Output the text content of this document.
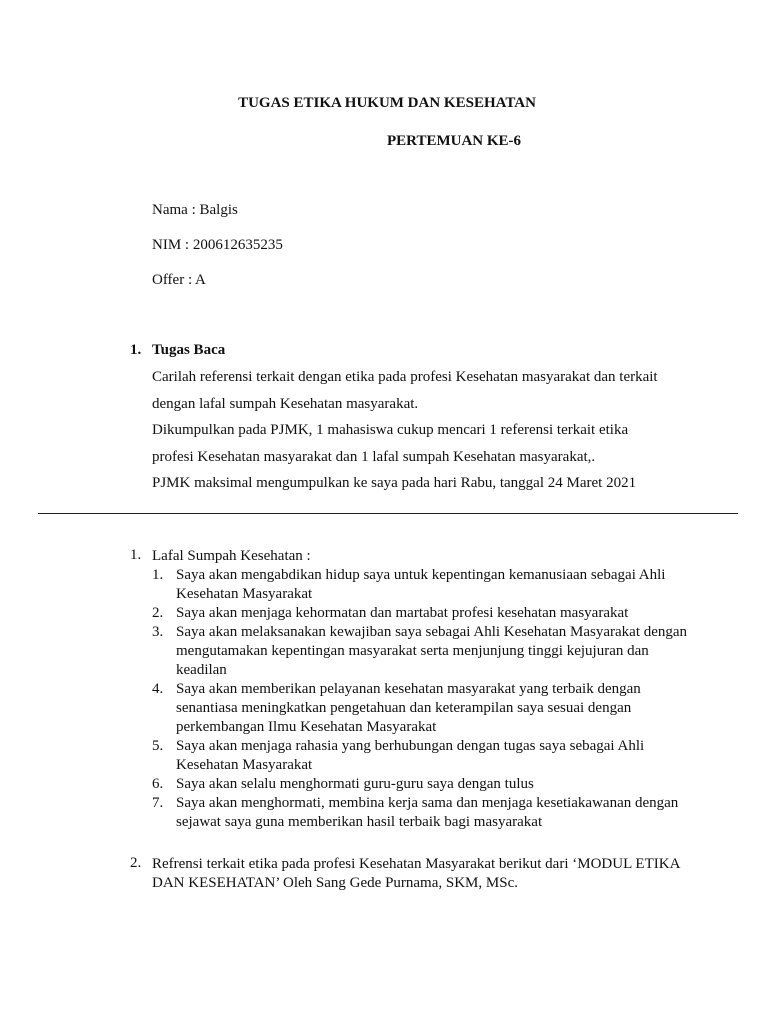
TUGAS ETIKA HUKUM DAN KESEHATAN
PERTEMUAN KE-6
Nama : Balgis
NIM : 200612635235
Offer : A
1. Tugas Baca
Carilah referensi terkait dengan etika pada profesi Kesehatan masyarakat dan terkait
dengan lafal sumpah Kesehatan masyarakat.
Dikumpulkan pada PJMK, 1 mahasiswa cukup mencari 1 referensi terkait etika
profesi Kesehatan masyarakat dan 1 lafal sumpah Kesehatan masyarakat,.
PJMK maksimal mengumpulkan ke saya pada hari Rabu, tanggal 24 Maret 2021
1. Lafal Sumpah Kesehatan :
1. Saya akan mengabdikan hidup saya untuk kepentingan kemanusiaan sebagai Ahli Kesehatan Masyarakat
2. Saya akan menjaga kehormatan dan martabat profesi kesehatan masyarakat
3. Saya akan melaksanakan kewajiban saya sebagai Ahli Kesehatan Masyarakat dengan mengutamakan kepentingan masyarakat serta menjunjung tinggi kejujuran dan keadilan
4. Saya akan memberikan pelayanan kesehatan masyarakat yang terbaik dengan senantiasa meningkatkan pengetahuan dan keterampilan saya sesuai dengan perkembangan Ilmu Kesehatan Masyarakat
5. Saya akan menjaga rahasia yang berhubungan dengan tugas saya sebagai Ahli Kesehatan Masyarakat
6. Saya akan selalu menghormati guru-guru saya dengan tulus
7. Saya akan menghormati, membina kerja sama dan menjaga kesetiakawanan dengan sejawat saya guna memberikan hasil terbaik bagi masyarakat
2. Refrensi terkait etika pada profesi Kesehatan Masyarakat berikut dari ‘MODUL ETIKA DAN KESEHATAN’ Oleh Sang Gede Purnama, SKM, MSc.
